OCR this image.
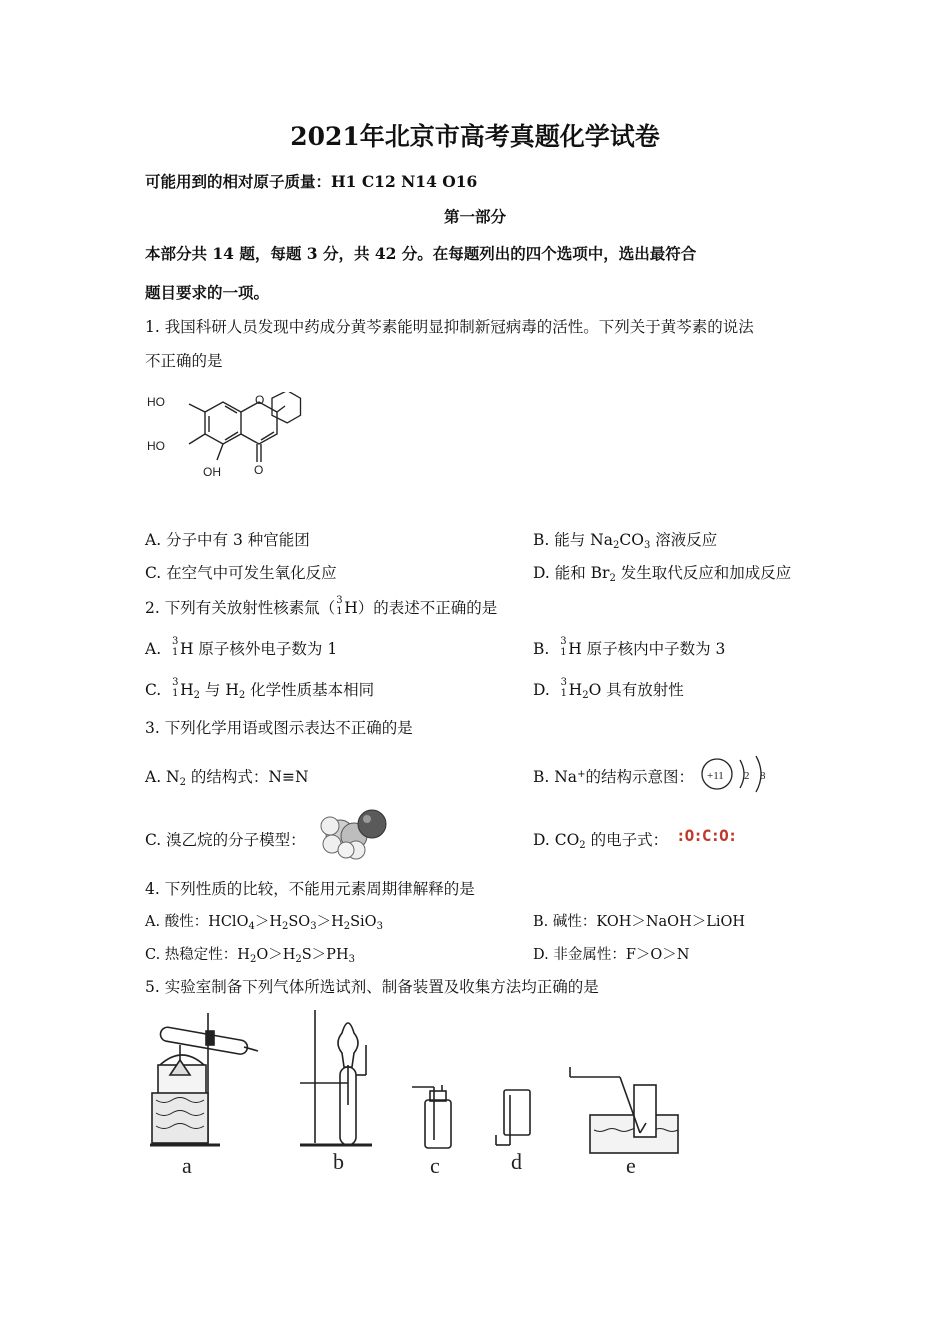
2021年北京市高考真题化学试卷
可能用到的相对原子质量：H1 C12 N14 O16
第一部分
本部分共 14 题，每题 3 分，共 42 分。在每题列出的四个选项中，选出最符合
题目要求的一项。
1. 我国科研人员发现中药成分黄芩素能明显抑制新冠病毒的活性。下列关于黄芩素的说法
不正确的是
HO
HO
OH
O
O
A. 分子中有 3 种官能团	B. 能与 $Na_2CO_3$ 溶液反应
C. 在空气中可发生氧化反应	D. 能和 $Br_2$ 发生取代反应和加成反应
2. 下列有关放射性核素氚（ 3
1 H）的表述不正确的是
A. 3
1 H 原子核外电子数为 1	B. 3
1 H 原子核内中子数为 3
C. 3
1 $H_2$ 与 $H_2$ 化学性质基本相同	D. 3
1 $H_2O$ 具有放射性
3. 下列化学用语或图示表达不正确的是
A. $N_2$ 的结构式：N≡N	B. Na+的结构示意图： +11 2 8
C. 溴乙烷的分子模型：	D. $CO_2$ 的电子式： :O:C:O:
4. 下列性质的比较，不能用元素周期律解释的是
A. 酸性：$HClO_4>H_2SO_3>H_2SiO_3$	B. 碱性：KOH＞NaOH＞LiOH
C. 热稳定性：$H_2O>H_2S>PH_3$	D. 非金属性：F＞O＞N
5. 实验室制备下列气体所选试剂、制备装置及收集方法均正确的是
a	b	c	d	e
